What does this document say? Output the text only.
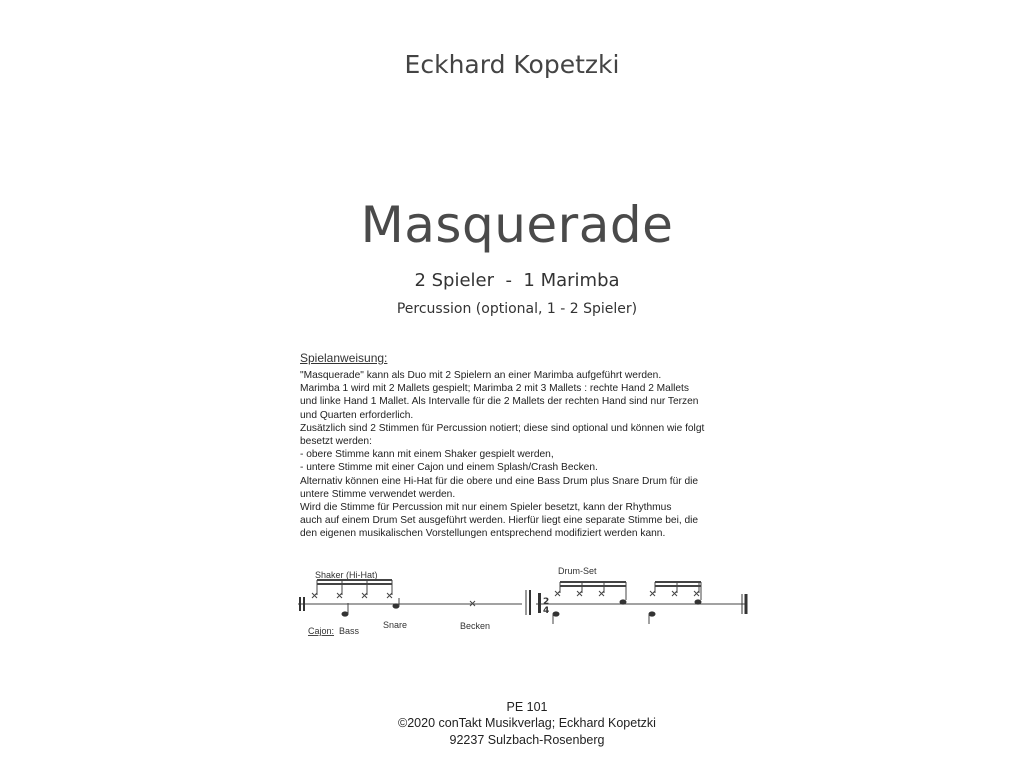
Eckhard Kopetzki
Masquerade
2 Spieler  -  1 Marimba
Percussion (optional, 1 - 2 Spieler)
Spielanweisung:
"Masquerade" kann als Duo mit 2 Spielern an einer Marimba aufgeführt werden.
Marimba 1 wird mit 2 Mallets gespielt; Marimba 2 mit 3 Mallets : rechte Hand 2 Mallets
und linke Hand 1 Mallet. Als Intervalle für die 2 Mallets der rechten Hand sind nur Terzen
und Quarten erforderlich.
Zusätzlich sind 2 Stimmen für Percussion notiert; diese sind optional und können wie folgt
besetzt werden:
- obere Stimme kann mit einem Shaker gespielt werden,
- untere Stimme mit einer Cajon und einem Splash/Crash Becken.
Alternativ können eine Hi-Hat für die obere und eine Bass Drum plus Snare Drum für die
untere Stimme verwendet werden.
Wird die Stimme für Percussion mit nur einem Spieler besetzt, kann der Rhythmus
auch auf einem Drum Set ausgeführt werden. Hierfür liegt eine separate Stimme bei, die
den eigenen musikalischen Vorstellungen entsprechend modifiziert werden kann.
Shaker (Hi-Hat)
Cajon: Bass
Snare	Becken
Drum-Set
2
4
PE 101
©2020 conTakt Musikverlag; Eckhard Kopetzki
92237 Sulzbach-Rosenberg
